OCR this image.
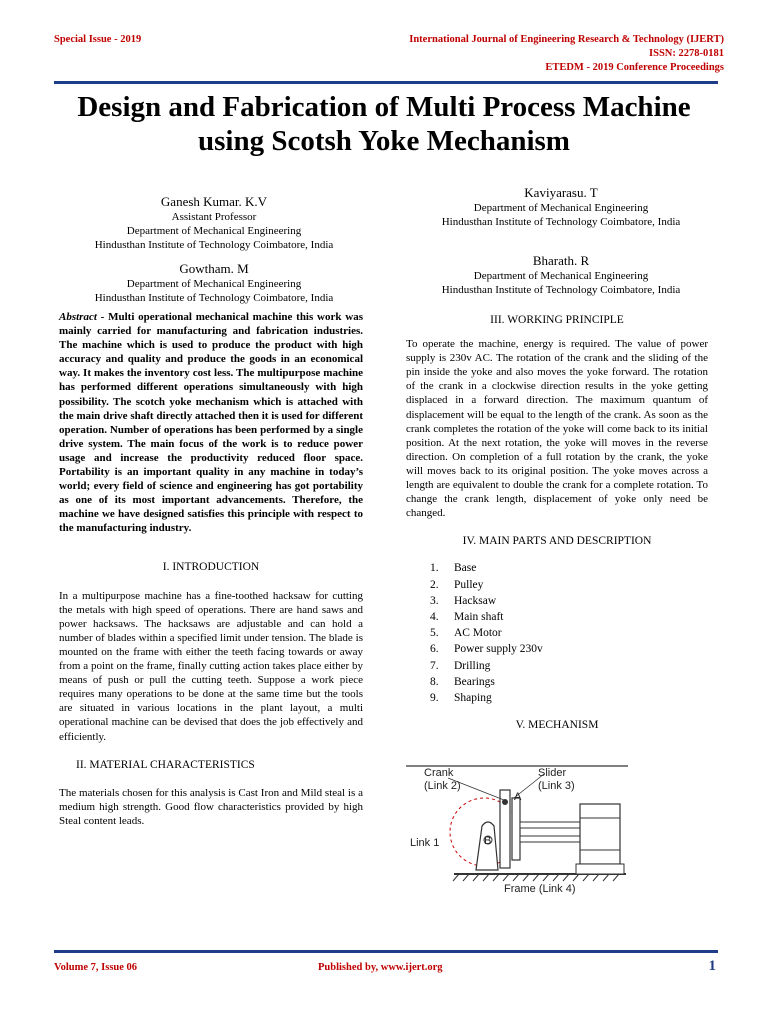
Special Issue - 2019	International Journal of Engineering Research & Technology (IJERT)
ISSN: 2278-0181
ETEDM - 2019 Conference Proceedings
Design and Fabrication of Multi Process Machine
using Scotsh Yoke Mechanism
Ganesh Kumar. K.V
Assistant Professor
Department of Mechanical Engineering
Hindusthan Institute of Technology Coimbatore, India
Gowtham. M
Department of Mechanical Engineering
Hindusthan Institute of Technology Coimbatore, India
Kaviyarasu. T
Department of Mechanical Engineering
Hindusthan Institute of Technology Coimbatore, India
Bharath. R
Department of Mechanical Engineering
Hindusthan Institute of Technology Coimbatore, India

Abstract - Multi operational mechanical machine this work was mainly carried for manufacturing and fabrication industries. The machine which is used to produce the product with high accuracy and quality and produce the goods in an economical way. It makes the inventory cost less. The multipurpose machine has performed different operations simultaneously with high possibility. The scotch yoke mechanism which is attached with the main drive shaft directly attached then it is used for different operation. Number of operations has been performed by a single drive system. The main focus of the work is to reduce power usage and increase the productivity reduced floor space. Portability is an important quality in any machine in today’s world; every field of science and engineering has got portability as one of its most important advancements. Therefore, the machine we have designed satisfies this principle with respect to the manufacturing industry.

I. INTRODUCTION

In a multipurpose machine has a fine-toothed hacksaw for cutting the metals with high speed of operations. There are hand saws and power hacksaws. The hacksaws are adjustable and can hold a number of blades within a specified limit under tension. The blade is mounted on the frame with either the teeth facing towards or away from a point on the frame, finally cutting action takes place either by means of push or pull the cutting teeth. Suppose a work piece requires many operations to be done at the same time but the tools are situated in various locations in the plant layout, a multi operational machine can be devised that does the job effectively and efficiently.

II. MATERIAL CHARACTERISTICS

The materials chosen for this analysis is Cast Iron and Mild steal is a medium high strength. Good flow characteristics provided by high Steal content leads.

III. WORKING PRINCIPLE

To operate the machine, energy is required. The value of power supply is 230v AC. The rotation of the crank and the sliding of the pin inside the yoke and also moves the yoke forward. The rotation of the crank in a clockwise direction results in the yoke getting displaced in a forward direction. The maximum quantum of displacement will be equal to the length of the crank. As soon as the crank completes the rotation of the yoke will come back to its initial position. At the next rotation, the yoke will moves in the reverse direction. On completion of a full rotation by the crank, the yoke will moves back to its original position. The yoke moves across a length are equivalent to double the crank for a complete rotation. To change the crank length, displacement of yoke only need be changed.

IV. MAIN PARTS AND DESCRIPTION

1.	Base
2.	Pulley
3.	Hacksaw
4.	Main shaft
5.	AC Motor
6.	Power supply 230v
7.	Drilling
8.	Bearings
9.	Shaping

V. MECHANISM

Crank
(Link 2)
Slider
(Link 3)
Link 1
A
B
Frame (Link 4)
Volume 7, Issue 06	Published by, www.ijert.org	1
